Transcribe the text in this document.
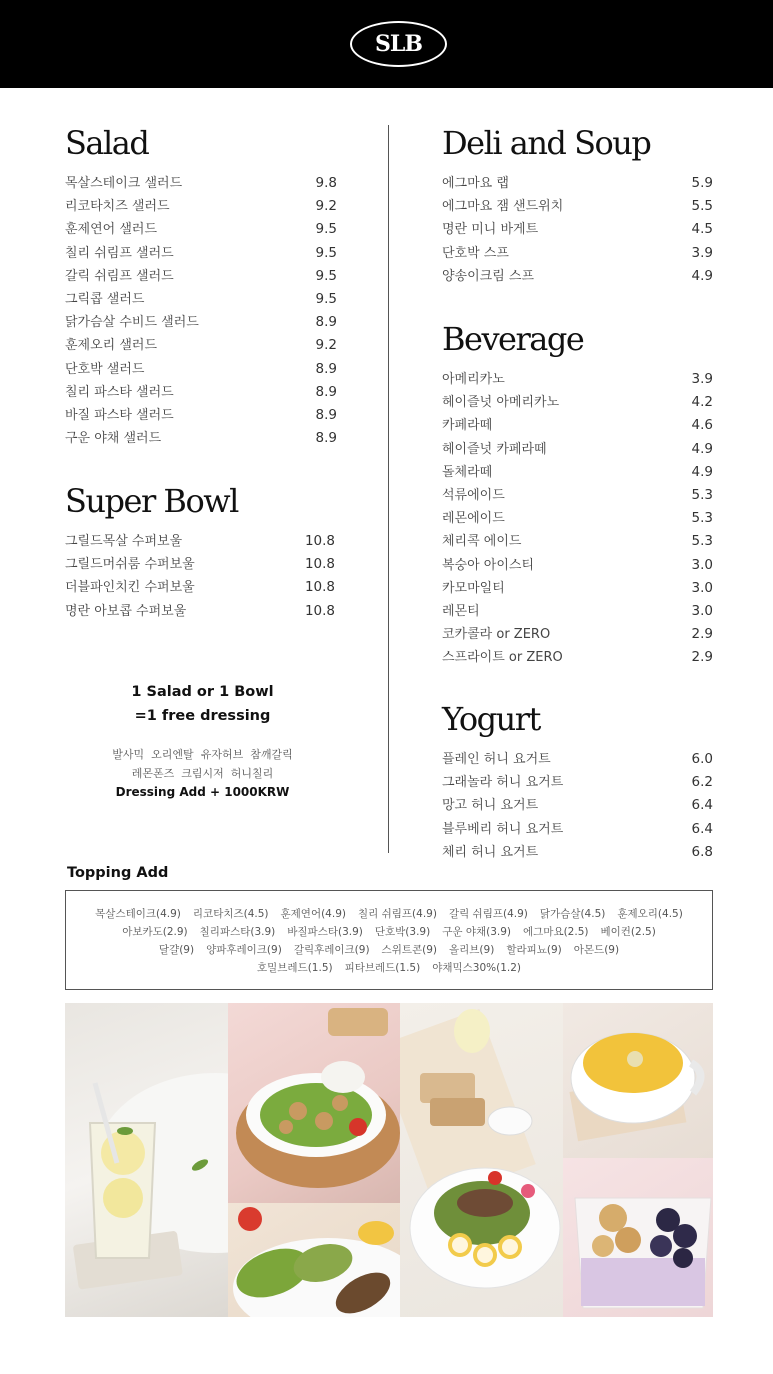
SLB
Salad
목살스테이크 샐러드	9.8
리코타치즈 샐러드	9.2
훈제연어 샐러드	9.5
칠리 쉬림프 샐러드	9.5
갈릭 쉬림프 샐러드	9.5
그릭콥 샐러드	9.5
닭가슴살 수비드 샐러드	8.9
훈제오리 샐러드	9.2
단호박 샐러드	8.9
칠리 파스타 샐러드	8.9
바질 파스타 샐러드	8.9
구운 야채 샐러드	8.9
Super Bowl
그릴드목살 수퍼보울	10.8
그릴드머쉬룸 수퍼보울	10.8
더블파인치킨 수퍼보울	10.8
명란 아보콥 수퍼보울	10.8
1 Salad or 1 Bowl
=1 free dressing
발사믹 오리엔탈 유자허브 참깨갈릭
레몬폰즈 크림시저 허니칠리
Dressing Add + 1000KRW
Deli and Soup
에그마요 랩	5.9
에그마요 잼 샌드위치	5.5
명란 미니 바게트	4.5
단호박 스프	3.9
양송이크림 스프	4.9
Beverage
아메리카노	3.9
헤이즐넛 아메리카노	4.2
카페라떼	4.6
헤이즐넛 카페라떼	4.9
돌체라떼	4.9
석류에이드	5.3
레몬에이드	5.3
체리콕 에이드	5.3
복숭아 아이스티	3.0
카모마일티	3.0
레몬티	3.0
코카콜라 or ZERO	2.9
스프라이트 or ZERO	2.9
Yogurt
플레인 허니 요거트	6.0
그래놀라 허니 요거트	6.2
망고 허니 요거트	6.4
블루베리 허니 요거트	6.4
체리 허니 요거트	6.8
Topping Add
목살스테이크(4.9) 리코타치즈(4.5) 훈제연어(4.9) 칠리 쉬림프(4.9) 갈릭 쉬림프(4.9) 닭가슴살(4.5) 훈제오리(4.5)
아보카도(2.9) 칠리파스타(3.9) 바질파스타(3.9) 단호박(3.9) 구운 야채(3.9) 에그마요(2.5) 베이컨(2.5)
달걀(9) 양파후레이크(9) 갈릭후레이크(9) 스위트콘(9) 올리브(9) 할라피뇨(9) 아몬드(9)
호밀브레드(1.5) 피타브레드(1.5) 야채믹스30%(1.2)
